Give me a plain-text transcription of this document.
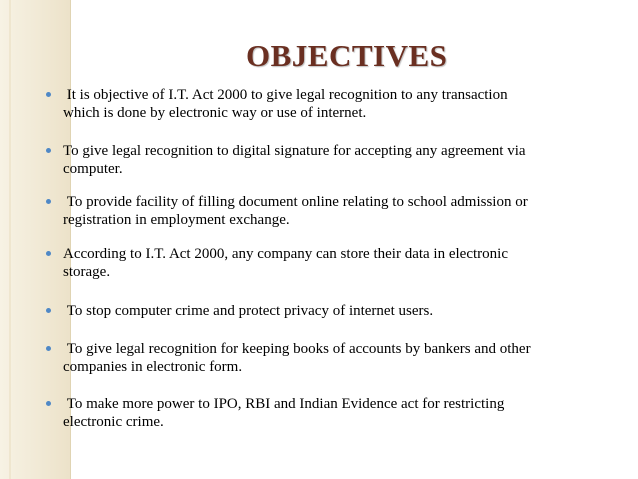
OBJECTIVES
It is objective of I.T. Act 2000 to give legal recognition to any transaction
which is done by electronic way or use of internet.
To give legal recognition to digital signature for accepting any agreement via
computer.
To provide facility of filling document online relating to school admission or
registration in employment exchange.
According to I.T. Act 2000, any company can store their data in electronic
storage.
To stop computer crime and protect privacy of internet users.
To give legal recognition for keeping books of accounts by bankers and other
companies in electronic form.
To make more power to IPO, RBI and Indian Evidence act for restricting
electronic crime.
